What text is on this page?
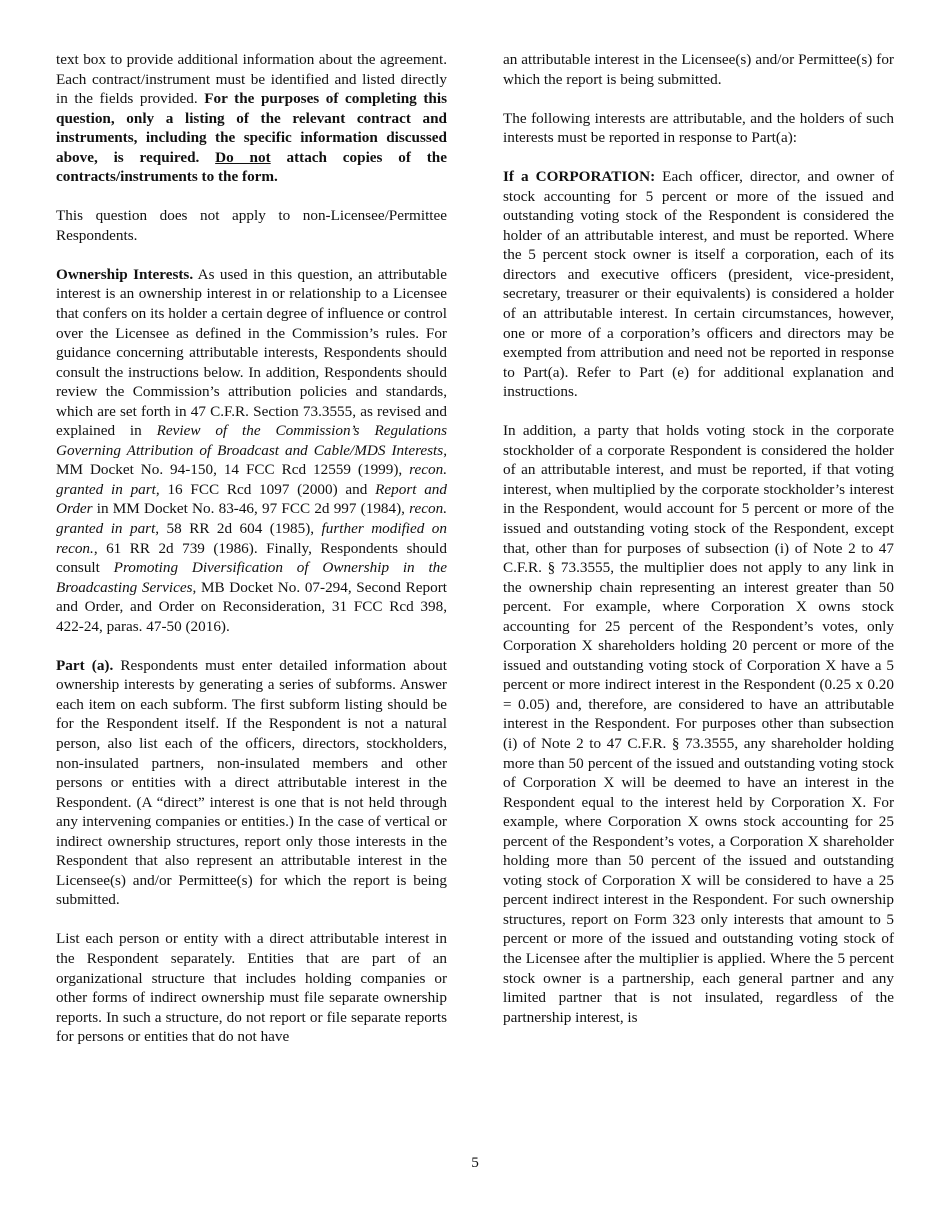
text box to provide additional information about the agreement. Each contract/instrument must be identified and listed directly in the fields provided. For the purposes of completing this question, only a listing of the relevant contract and instruments, including the specific information discussed above, is required. Do not attach copies of the contracts/instruments to the form.

This question does not apply to non-Licensee/Permittee Respondents.

Ownership Interests. As used in this question, an attributable interest is an ownership interest in or relationship to a Licensee that confers on its holder a certain degree of influence or control over the Licensee as defined in the Commission’s rules. For guidance concerning attributable interests, Respondents should consult the instructions below. In addition, Respondents should review the Commission’s attribution policies and standards, which are set forth in 47 C.F.R. Section 73.3555, as revised and explained in Review of the Commission’s Regulations Governing Attribution of Broadcast and Cable/MDS Interests, MM Docket No. 94-150, 14 FCC Rcd 12559 (1999), recon. granted in part, 16 FCC Rcd 1097 (2000) and Report and Order in MM Docket No. 83-46, 97 FCC 2d 997 (1984), recon. granted in part, 58 RR 2d 604 (1985), further modified on recon., 61 RR 2d 739 (1986). Finally, Respondents should consult Promoting Diversification of Ownership in the Broadcasting Services, MB Docket No. 07-294, Second Report and Order, and Order on Reconsideration, 31 FCC Rcd 398, 422-24, paras. 47-50 (2016).

Part (a). Respondents must enter detailed information about ownership interests by generating a series of subforms. Answer each item on each subform. The first subform listing should be for the Respondent itself. If the Respondent is not a natural person, also list each of the officers, directors, stockholders, non-insulated partners, non-insulated members and other persons or entities with a direct attributable interest in the Respondent. (A “direct” interest is one that is not held through any intervening companies or entities.) In the case of vertical or indirect ownership structures, report only those interests in the Respondent that also represent an attributable interest in the Licensee(s) and/or Permittee(s) for which the report is being submitted.

List each person or entity with a direct attributable interest in the Respondent separately. Entities that are part of an organizational structure that includes holding companies or other forms of indirect ownership must file separate ownership reports. In such a structure, do not report or file separate reports for persons or entities that do not have

an attributable interest in the Licensee(s) and/or Permittee(s) for which the report is being submitted.

The following interests are attributable, and the holders of such interests must be reported in response to Part(a):

If a CORPORATION: Each officer, director, and owner of stock accounting for 5 percent or more of the issued and outstanding voting stock of the Respondent is considered the holder of an attributable interest, and must be reported. Where the 5 percent stock owner is itself a corporation, each of its directors and executive officers (president, vice-president, secretary, treasurer or their equivalents) is considered a holder of an attributable interest. In certain circumstances, however, one or more of a corporation’s officers and directors may be exempted from attribution and need not be reported in response to Part(a). Refer to Part (e) for additional explanation and instructions.

In addition, a party that holds voting stock in the corporate stockholder of a corporate Respondent is considered the holder of an attributable interest, and must be reported, if that voting interest, when multiplied by the corporate stockholder’s interest in the Respondent, would account for 5 percent or more of the issued and outstanding voting stock of the Respondent, except that, other than for purposes of subsection (i) of Note 2 to 47 C.F.R. § 73.3555, the multiplier does not apply to any link in the ownership chain representing an interest greater than 50 percent. For example, where Corporation X owns stock accounting for 25 percent of the Respondent’s votes, only Corporation X shareholders holding 20 percent or more of the issued and outstanding voting stock of Corporation X have a 5 percent or more indirect interest in the Respondent (0.25 x 0.20 = 0.05) and, therefore, are considered to have an attributable interest in the Respondent. For purposes other than subsection (i) of Note 2 to 47 C.F.R. § 73.3555, any shareholder holding more than 50 percent of the issued and outstanding voting stock of Corporation X will be deemed to have an interest in the Respondent equal to the interest held by Corporation X. For example, where Corporation X owns stock accounting for 25 percent of the Respondent’s votes, a Corporation X shareholder holding more than 50 percent of the issued and outstanding voting stock of Corporation X will be considered to have a 25 percent indirect interest in the Respondent. For such ownership structures, report on Form 323 only interests that amount to 5 percent or more of the issued and outstanding voting stock of the Licensee after the multiplier is applied. Where the 5 percent stock owner is a partnership, each general partner and any limited partner that is not insulated, regardless of the partnership interest, is

5
